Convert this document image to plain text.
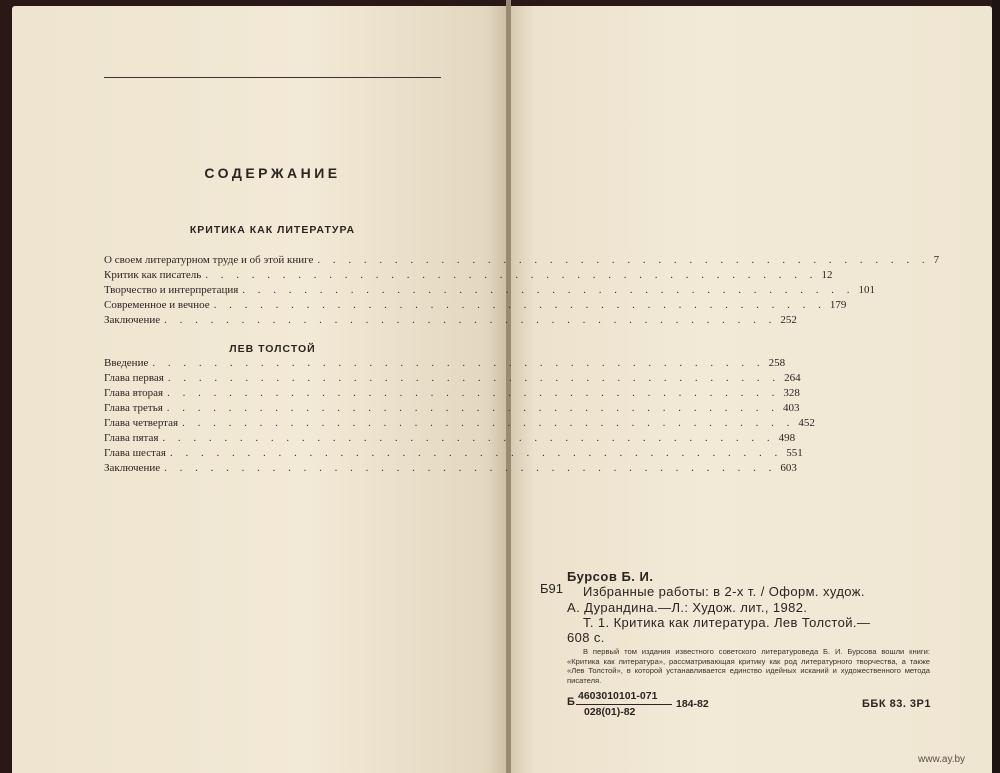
СОДЕРЖАНИЕ
КРИТИКА КАК ЛИТЕРАТУРА
О своем литературном труде и об этой книге . . . . . . . . . . . . . . . . . . . . . . . . . . . . . . . . . . . . . . . . 7
Критик как писатель . . . . . . . . . . . . . . . . . . . . . . . . . . . . . . . . . . . . . . . . 12
Творчество и интерпретация . . . . . . . . . . . . . . . . . . . . . . . . . . . . . . . . . . . . . . . . 101
Современное и вечное . . . . . . . . . . . . . . . . . . . . . . . . . . . . . . . . . . . . . . . . 179
Заключение . . . . . . . . . . . . . . . . . . . . . . . . . . . . . . . . . . . . . . . . 252
ЛЕВ ТОЛСТОЙ
Введение . . . . . . . . . . . . . . . . . . . . . . . . . . . . . . . . . . . . . . . . 258
Глава первая . . . . . . . . . . . . . . . . . . . . . . . . . . . . . . . . . . . . . . . . 264
Глава вторая . . . . . . . . . . . . . . . . . . . . . . . . . . . . . . . . . . . . . . . . 328
Глава третья . . . . . . . . . . . . . . . . . . . . . . . . . . . . . . . . . . . . . . . . 403
Глава четвертая . . . . . . . . . . . . . . . . . . . . . . . . . . . . . . . . . . . . . . . . 452
Глава пятая . . . . . . . . . . . . . . . . . . . . . . . . . . . . . . . . . . . . . . . . 498
Глава шестая . . . . . . . . . . . . . . . . . . . . . . . . . . . . . . . . . . . . . . . . 551
Заключение . . . . . . . . . . . . . . . . . . . . . . . . . . . . . . . . . . . . . . . . 603
Б91
Бурсов Б. И.
Избранные работы: в 2-х т. / Оформ. худож.
А. Дурандина.—Л.: Худож. лит., 1982.
Т. 1. Критика как литература. Лев Толстой.—
608 с.
В первый том издания известного советского литературоведа Б. И. Бурсова вошли книги: «Критика как литература», рассматривающая критику как род литературного творчества, а также «Лев Толстой», в которой устанавливается единство идейных исканий и художественного метода писателя.
Б 4603010101-071
028(01)-82
184-82	ББК 83. 3Р1
www.ay.by
